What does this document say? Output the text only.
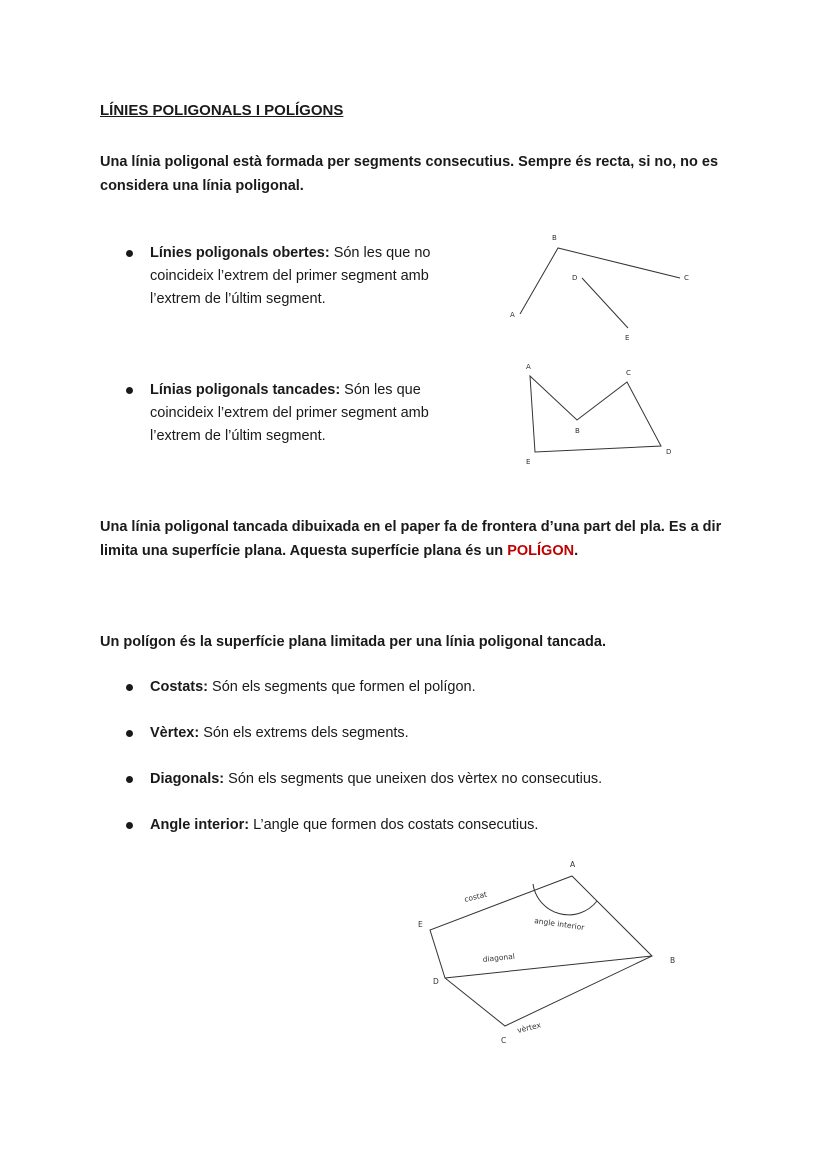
LÍNIES POLIGONALS I POLÍGONS
Una línia poligonal està formada per segments consecutius. Sempre és recta, si no, no es considera una línia poligonal.
Línies poligonals obertes: Són les que no coincideix l’extrem del primer segment amb l’extrem de l’últim segment.
Línias poligonals tancades: Són les que coincideix l’extrem del primer segment amb l’extrem de l’últim segment.
A
B
C
D
E
A
B
C
D
E
Una línia poligonal tancada dibuixada en el paper fa de frontera d’una part del pla. Es a dir limita una superfície plana. Aquesta superfície plana és un POLÍGON.
Un polígon és la superfície plana limitada per una línia poligonal tancada.
Costats: Són els segments que formen el polígon.
Vèrtex: Són els extrems dels segments.
Diagonals: Són els segments que uneixen dos vèrtex no consecutius.
Angle interior: L’angle que formen dos costats consecutius.
A
B
C
D
E
costat
angle interior
diagonal
vèrtex
